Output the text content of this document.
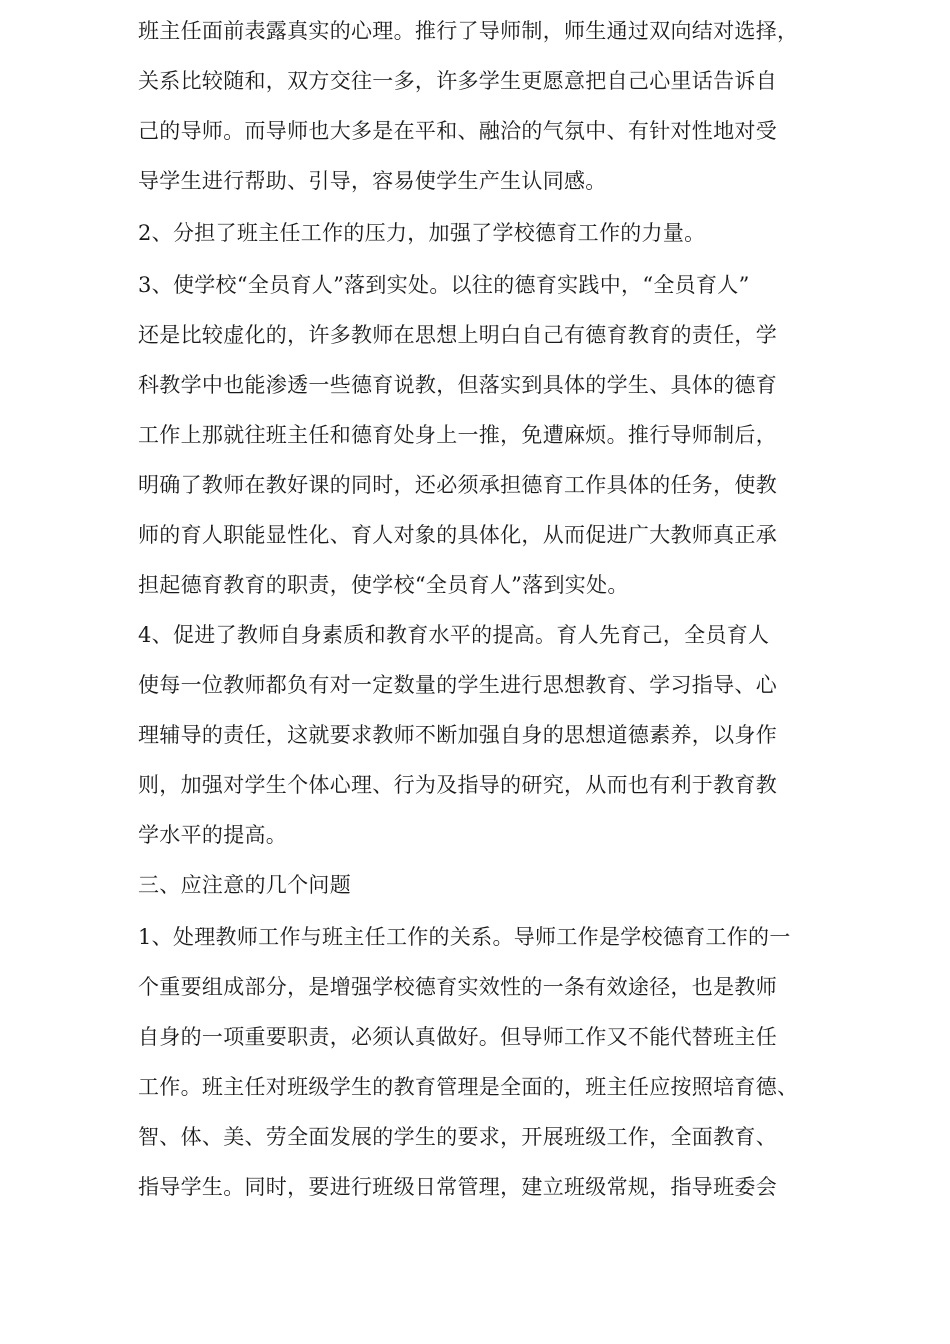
班主任面前表露真实的心理。推行了导师制，师生通过双向结对选择，
关系比较随和，双方交往一多，许多学生更愿意把自己心里话告诉自
己的导师。而导师也大多是在平和、融洽的气氛中、有针对性地对受
导学生进行帮助、引导，容易使学生产生认同感。
2、分担了班主任工作的压力，加强了学校德育工作的力量。
3、使学校“全员育人”落到实处。以往的德育实践中，“全员育人”
还是比较虚化的，许多教师在思想上明白自己有德育教育的责任，学
科教学中也能渗透一些德育说教，但落实到具体的学生、具体的德育
工作上那就往班主任和德育处身上一推，免遭麻烦。推行导师制后，
明确了教师在教好课的同时，还必须承担德育工作具体的任务，使教
师的育人职能显性化、育人对象的具体化，从而促进广大教师真正承
担起德育教育的职责，使学校“全员育人”落到实处。
4、促进了教师自身素质和教育水平的提高。育人先育己，全员育人
使每一位教师都负有对一定数量的学生进行思想教育、学习指导、心
理辅导的责任，这就要求教师不断加强自身的思想道德素养，以身作
则，加强对学生个体心理、行为及指导的研究，从而也有利于教育教
学水平的提高。
三、应注意的几个问题
1、处理教师工作与班主任工作的关系。导师工作是学校德育工作的一
个重要组成部分，是增强学校德育实效性的一条有效途径，也是教师
自身的一项重要职责，必须认真做好。但导师工作又不能代替班主任
工作。班主任对班级学生的教育管理是全面的，班主任应按照培育德、
智、体、美、劳全面发展的学生的要求，开展班级工作，全面教育、
指导学生。同时，要进行班级日常管理，建立班级常规，指导班委会
